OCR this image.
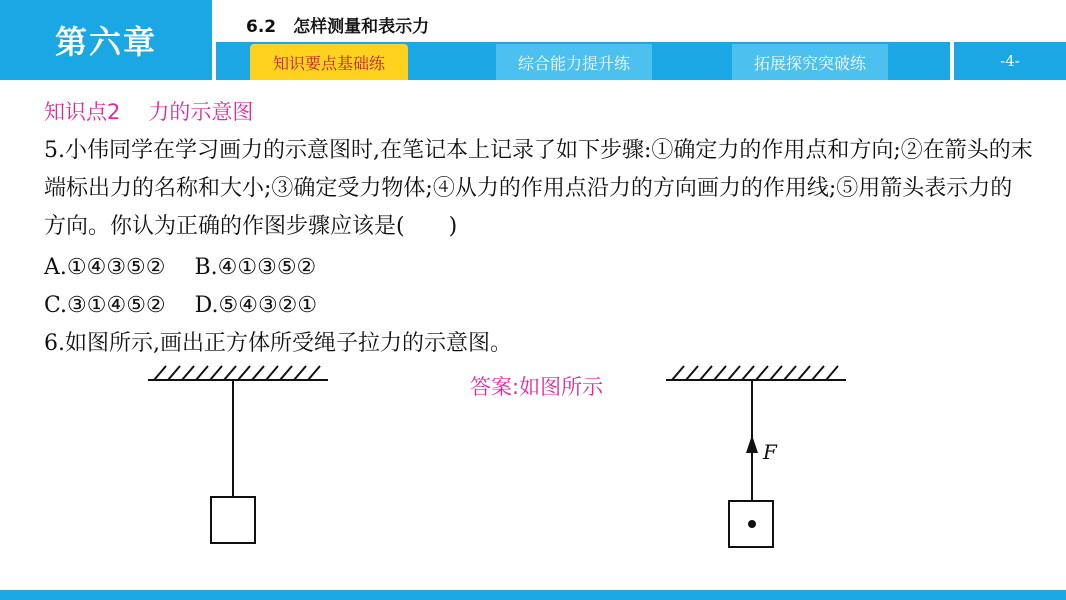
第六章	6.2　怎样测量和表示力
知识要点基础练	综合能力提升练	拓展探究突破练	-4-
知识点2 力的示意图
5.小伟同学在学习画力的示意图时,在笔记本上记录了如下步骤:①确定力的作用点和方向;②在箭头的末端标出力的名称和大小;③确定受力物体;④从力的作用点沿力的方向画力的作用线;⑤用箭头表示力的方向。你认为正确的作图步骤应该是(　　)
A.①④③⑤②　 B.④①③⑤②
C.③①④⑤②　 D.⑤④③②①
6.如图所示,画出正方体所受绳子拉力的示意图。
答案:如图所示
F
